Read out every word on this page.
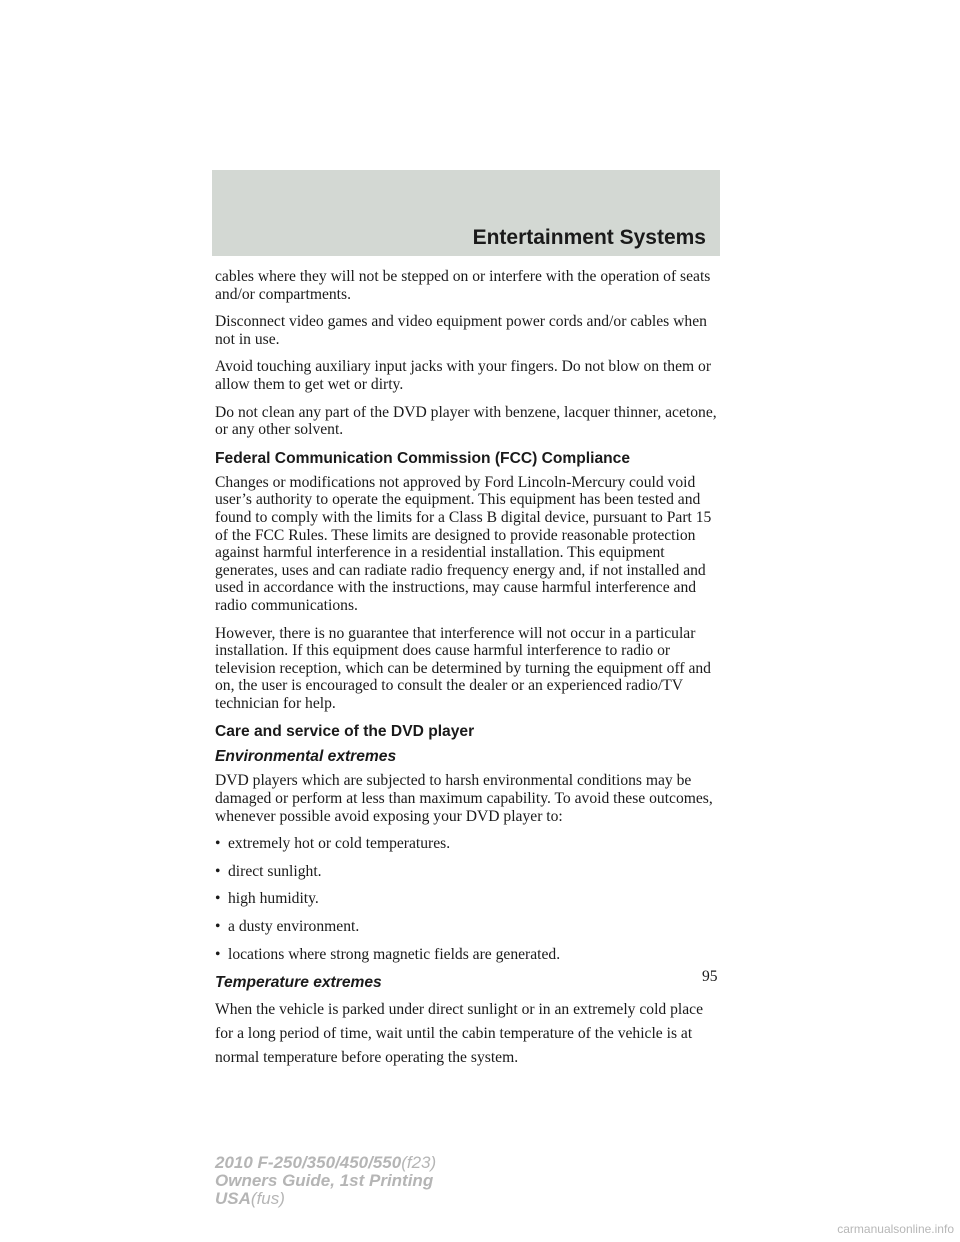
Entertainment Systems

cables where they will not be stepped on or interfere with the operation of seats and/or compartments.

Disconnect video games and video equipment power cords and/or cables when not in use.

Avoid touching auxiliary input jacks with your fingers. Do not blow on them or allow them to get wet or dirty.

Do not clean any part of the DVD player with benzene, lacquer thinner, acetone, or any other solvent.

Federal Communication Commission (FCC) Compliance

Changes or modifications not approved by Ford Lincoln-Mercury could void user’s authority to operate the equipment. This equipment has been tested and found to comply with the limits for a Class B digital device, pursuant to Part 15 of the FCC Rules. These limits are designed to provide reasonable protection against harmful interference in a residential installation. This equipment generates, uses and can radiate radio frequency energy and, if not installed and used in accordance with the instructions, may cause harmful interference and radio communications.

However, there is no guarantee that interference will not occur in a particular installation. If this equipment does cause harmful interference to radio or television reception, which can be determined by turning the equipment off and on, the user is encouraged to consult the dealer or an experienced radio/TV technician for help.

Care and service of the DVD player
Environmental extremes

DVD players which are subjected to harsh environmental conditions may be damaged or perform at less than maximum capability. To avoid these outcomes, whenever possible avoid exposing your DVD player to:

• extremely hot or cold temperatures.
• direct sunlight.
• high humidity.
• a dusty environment.
• locations where strong magnetic fields are generated.
Temperature extremes

When the vehicle is parked under direct sunlight or in an extremely cold place for a long period of time, wait until the cabin temperature of the vehicle is at normal temperature before operating the system.

95
2010 F-250/350/450/550(f23)
Owners Guide, 1st Printing
USA(fus)
carmanualsonline.info
